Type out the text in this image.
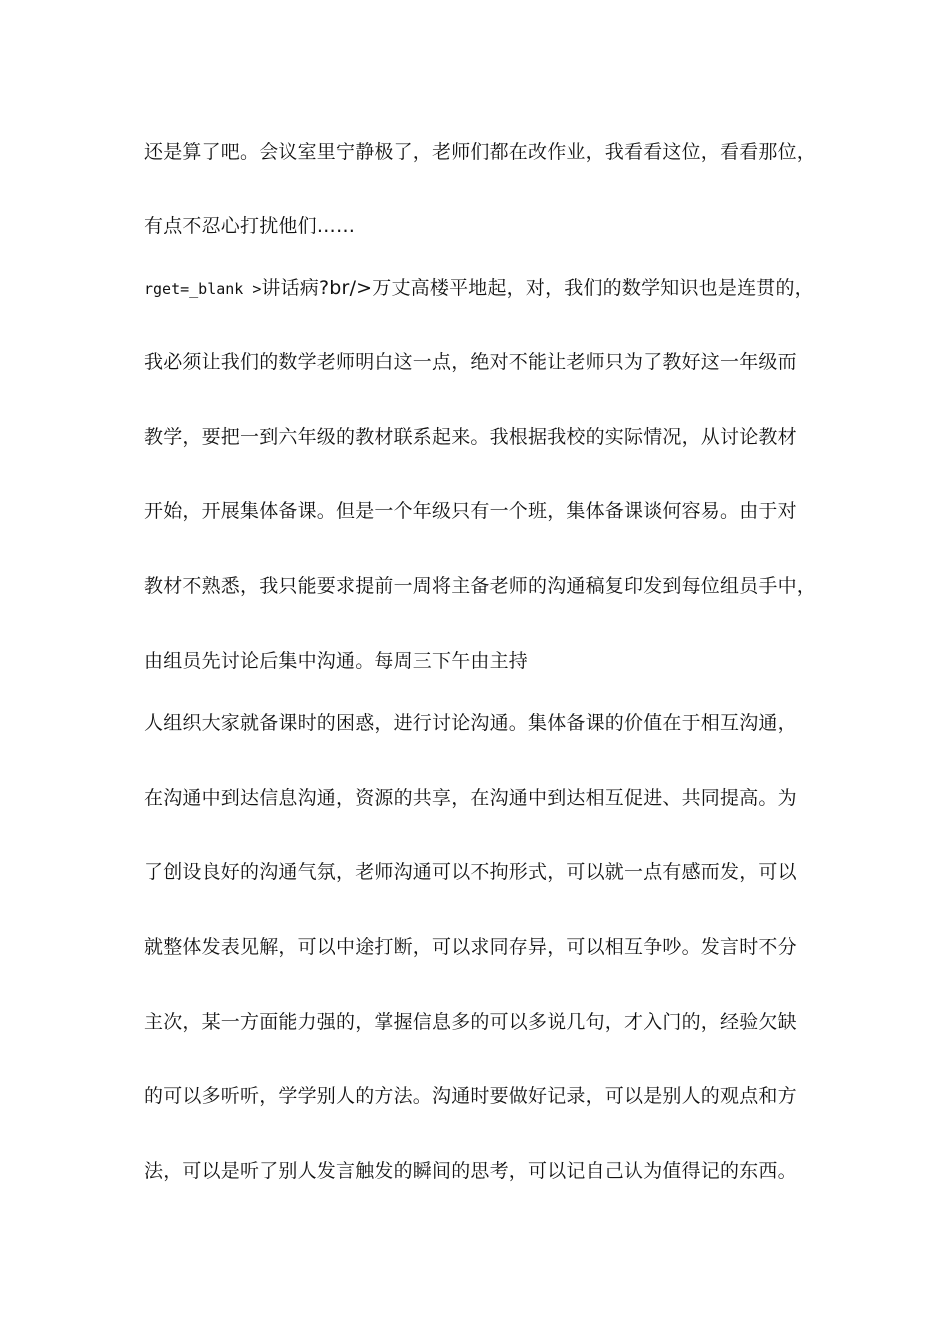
还是算了吧。会议室里宁静极了，老师们都在改作业，我看看这位，看看那位，
有点不忍心打扰他们……
rget=_blank >讲话病?br/>万丈高楼平地起，对，我们的数学知识也是连贯的，
我必须让我们的数学老师明白这一点，绝对不能让老师只为了教好这一年级而
教学，要把一到六年级的教材联系起来。我根据我校的实际情况，从讨论教材
开始，开展集体备课。但是一个年级只有一个班，集体备课谈何容易。由于对
教材不熟悉，我只能要求提前一周将主备老师的沟通稿复印发到每位组员手中，
由组员先讨论后集中沟通。每周三下午由主持
人组织大家就备课时的困惑，进行讨论沟通。集体备课的价值在于相互沟通，
在沟通中到达信息沟通，资源的共享，在沟通中到达相互促进、共同提高。为
了创设良好的沟通气氛，老师沟通可以不拘形式，可以就一点有感而发，可以
就整体发表见解，可以中途打断，可以求同存异，可以相互争吵。发言时不分
主次，某一方面能力强的，掌握信息多的可以多说几句，才入门的，经验欠缺
的可以多听听，学学别人的方法。沟通时要做好记录，可以是别人的观点和方
法，可以是听了别人发言触发的瞬间的思考，可以记自己认为值得记的东西。
